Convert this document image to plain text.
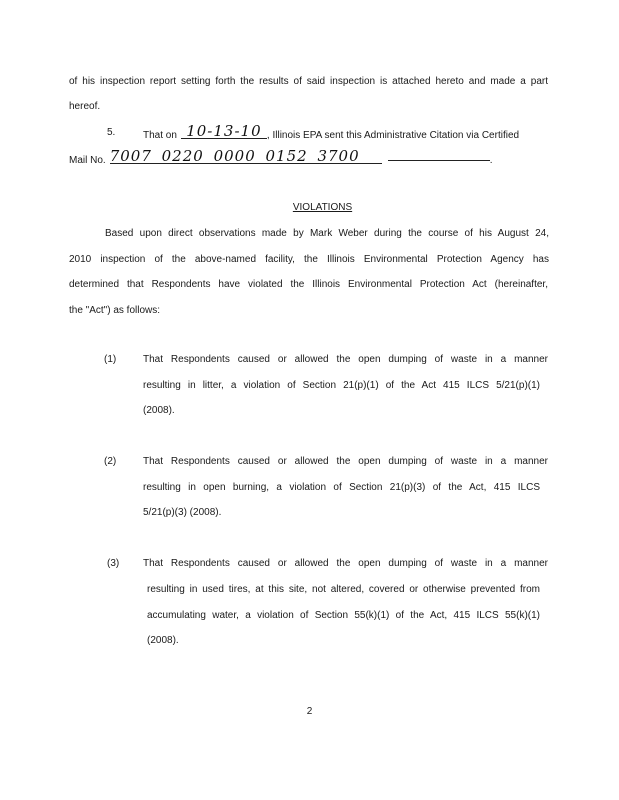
of his inspection report setting forth the results of said inspection is attached hereto and made a part
hereof.
5.	That on 10-13-10 , Illinois EPA sent this Administrative Citation via Certified
Mail No. 7007 0220 0000 0152 3700	.
VIOLATIONS
Based upon direct observations made by Mark Weber during the course of his August 24,
2010 inspection of the above-named facility, the Illinois Environmental Protection Agency has
determined that Respondents have violated the Illinois Environmental Protection Act (hereinafter,
the "Act") as follows:
(1)	That Respondents caused or allowed the open dumping of waste in a manner
resulting in litter, a violation of Section 21(p)(1) of the Act 415 ILCS 5/21(p)(1)
(2008).
(2)	That Respondents caused or allowed the open dumping of waste in a manner
resulting in open burning, a violation of Section 21(p)(3) of the Act, 415 ILCS
5/21(p)(3) (2008).
(3) That Respondents caused or allowed the open dumping of waste in a manner
resulting in used tires, at this site, not altered, covered or otherwise prevented from
accumulating water, a violation of Section 55(k)(1) of the Act, 415 ILCS 55(k)(1)
(2008).
2
